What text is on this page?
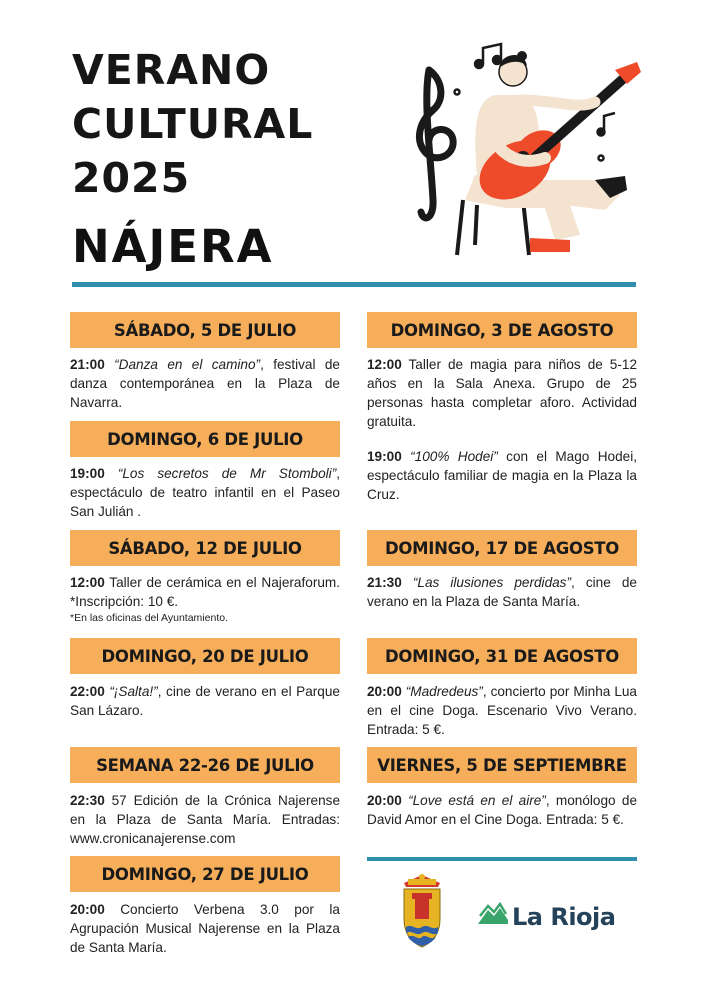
VERANO
CULTURAL
2025
NÁJERA
SÁBADO, 5 DE JULIO
21:00 “Danza en el camino”, festival de danza contemporánea en la Plaza de Navarra.
DOMINGO, 6 DE JULIO
19:00 “Los secretos de Mr Stomboli”, espectáculo de teatro infantil en el Paseo San Julián .
SÁBADO, 12 DE JULIO
12:00 Taller de cerámica en el Najeraforum. *Inscripción: 10 €.
*En las oficinas del Ayuntamiento.
DOMINGO, 20 DE JULIO
22:00 “¡Salta!”, cine de verano en el Parque San Lázaro.
SEMANA 22-26 DE JULIO
22:30 57 Edición de la Crónica Najerense en la Plaza de Santa María. Entradas: www.cronicanajerense.com
DOMINGO, 27 DE JULIO
20:00 Concierto Verbena 3.0 por la Agrupación Musical Najerense en la Plaza de Santa María.
DOMINGO, 3 DE AGOSTO
12:00 Taller de magia para niños de 5-12 años en la Sala Anexa. Grupo de 25 personas hasta completar aforo. Actividad gratuita.
19:00 “100% Hodei” con el Mago Hodei, espectáculo familiar de magia en la Plaza la Cruz.
DOMINGO, 17 DE AGOSTO
21:30 “Las ilusiones perdidas”, cine de verano en la Plaza de Santa María.
DOMINGO, 31 DE AGOSTO
20:00 “Madredeus”, concierto por Minha Lua en el cine Doga. Escenario Vivo Verano. Entrada: 5 €.
VIERNES, 5 DE SEPTIEMBRE
20:00 “Love está en el aire”, monólogo de David Amor en el Cine Doga. Entrada: 5 €.
La Rioja
